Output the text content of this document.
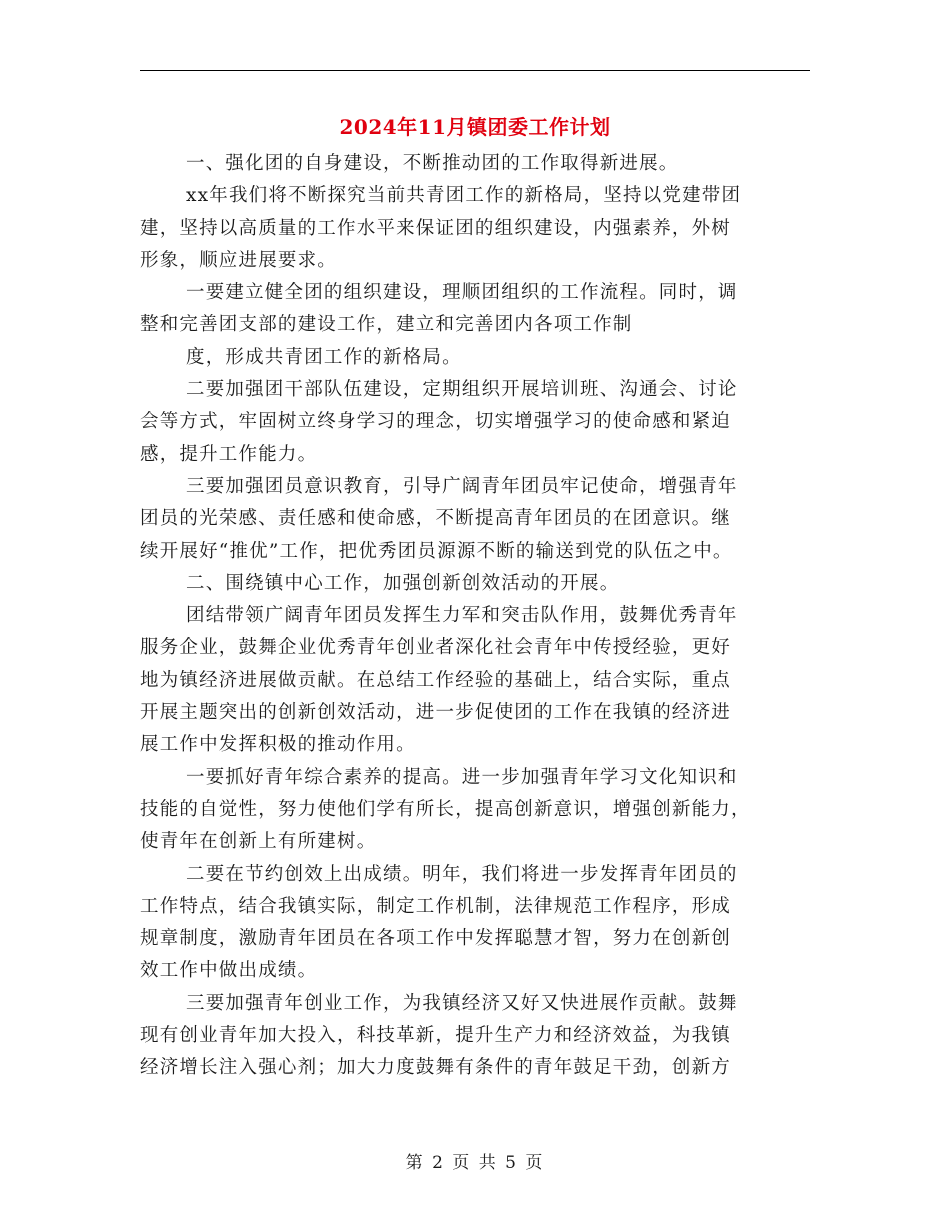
2024年11月镇团委工作计划
一、强化团的自身建设，不断推动团的工作取得新进展。
xx年我们将不断探究当前共青团工作的新格局，坚持以党建带团
建，坚持以高质量的工作水平来保证团的组织建设，内强素养，外树
形象，顺应进展要求。
一要建立健全团的组织建设，理顺团组织的工作流程。同时，调
整和完善团支部的建设工作，建立和完善团内各项工作制
度，形成共青团工作的新格局。
二要加强团干部队伍建设，定期组织开展培训班、沟通会、讨论
会等方式，牢固树立终身学习的理念，切实增强学习的使命感和紧迫
感，提升工作能力。
三要加强团员意识教育，引导广阔青年团员牢记使命，增强青年
团员的光荣感、责任感和使命感，不断提高青年团员的在团意识。继
续开展好“推优”工作，把优秀团员源源不断的输送到党的队伍之中。
二、围绕镇中心工作，加强创新创效活动的开展。
团结带领广阔青年团员发挥生力军和突击队作用，鼓舞优秀青年
服务企业，鼓舞企业优秀青年创业者深化社会青年中传授经验，更好
地为镇经济进展做贡献。在总结工作经验的基础上，结合实际，重点
开展主题突出的创新创效活动，进一步促使团的工作在我镇的经济进
展工作中发挥积极的推动作用。
一要抓好青年综合素养的提高。进一步加强青年学习文化知识和
技能的自觉性，努力使他们学有所长，提高创新意识，增强创新能力，
使青年在创新上有所建树。
二要在节约创效上出成绩。明年，我们将进一步发挥青年团员的
工作特点，结合我镇实际，制定工作机制，法律规范工作程序，形成
规章制度，激励青年团员在各项工作中发挥聪慧才智，努力在创新创
效工作中做出成绩。
三要加强青年创业工作，为我镇经济又好又快进展作贡献。鼓舞
现有创业青年加大投入，科技革新，提升生产力和经济效益，为我镇
经济增长注入强心剂；加大力度鼓舞有条件的青年鼓足干劲，创新方
第 2 页 共 5 页
